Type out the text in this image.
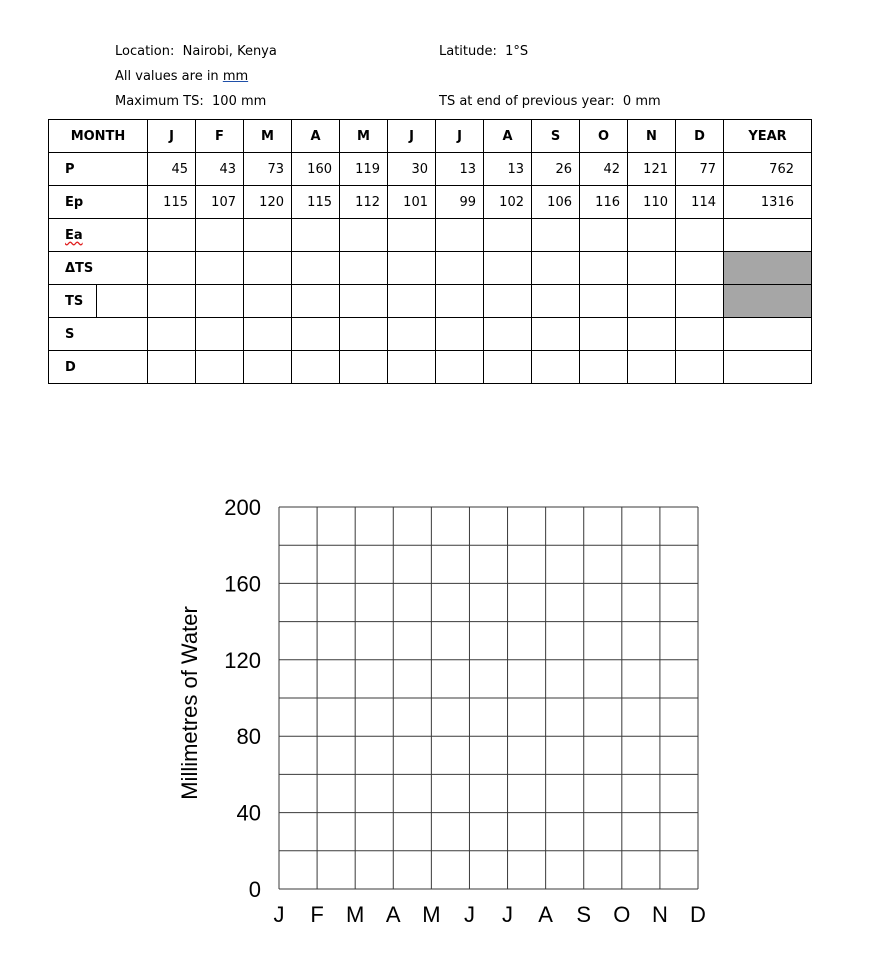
Location:  Nairobi, Kenya	Latitude:  1°S
All values are in mm
Maximum TS:  100 mm	TS at end of previous year:  0 mm
MONTH	J	F	M	A	M	J	J	A	S	O	N	D	YEAR
P	45	43	73	160	119	30	13	13	26	42	121	77	762
Ep	115	107	120	115	112	101	99	102	106	116	110	114	1316
Ea													
ΔTS													

TS													

S													
D													
0
40
80
120
160
200
J F M A M J J A S O N D
Millimetres of Water
